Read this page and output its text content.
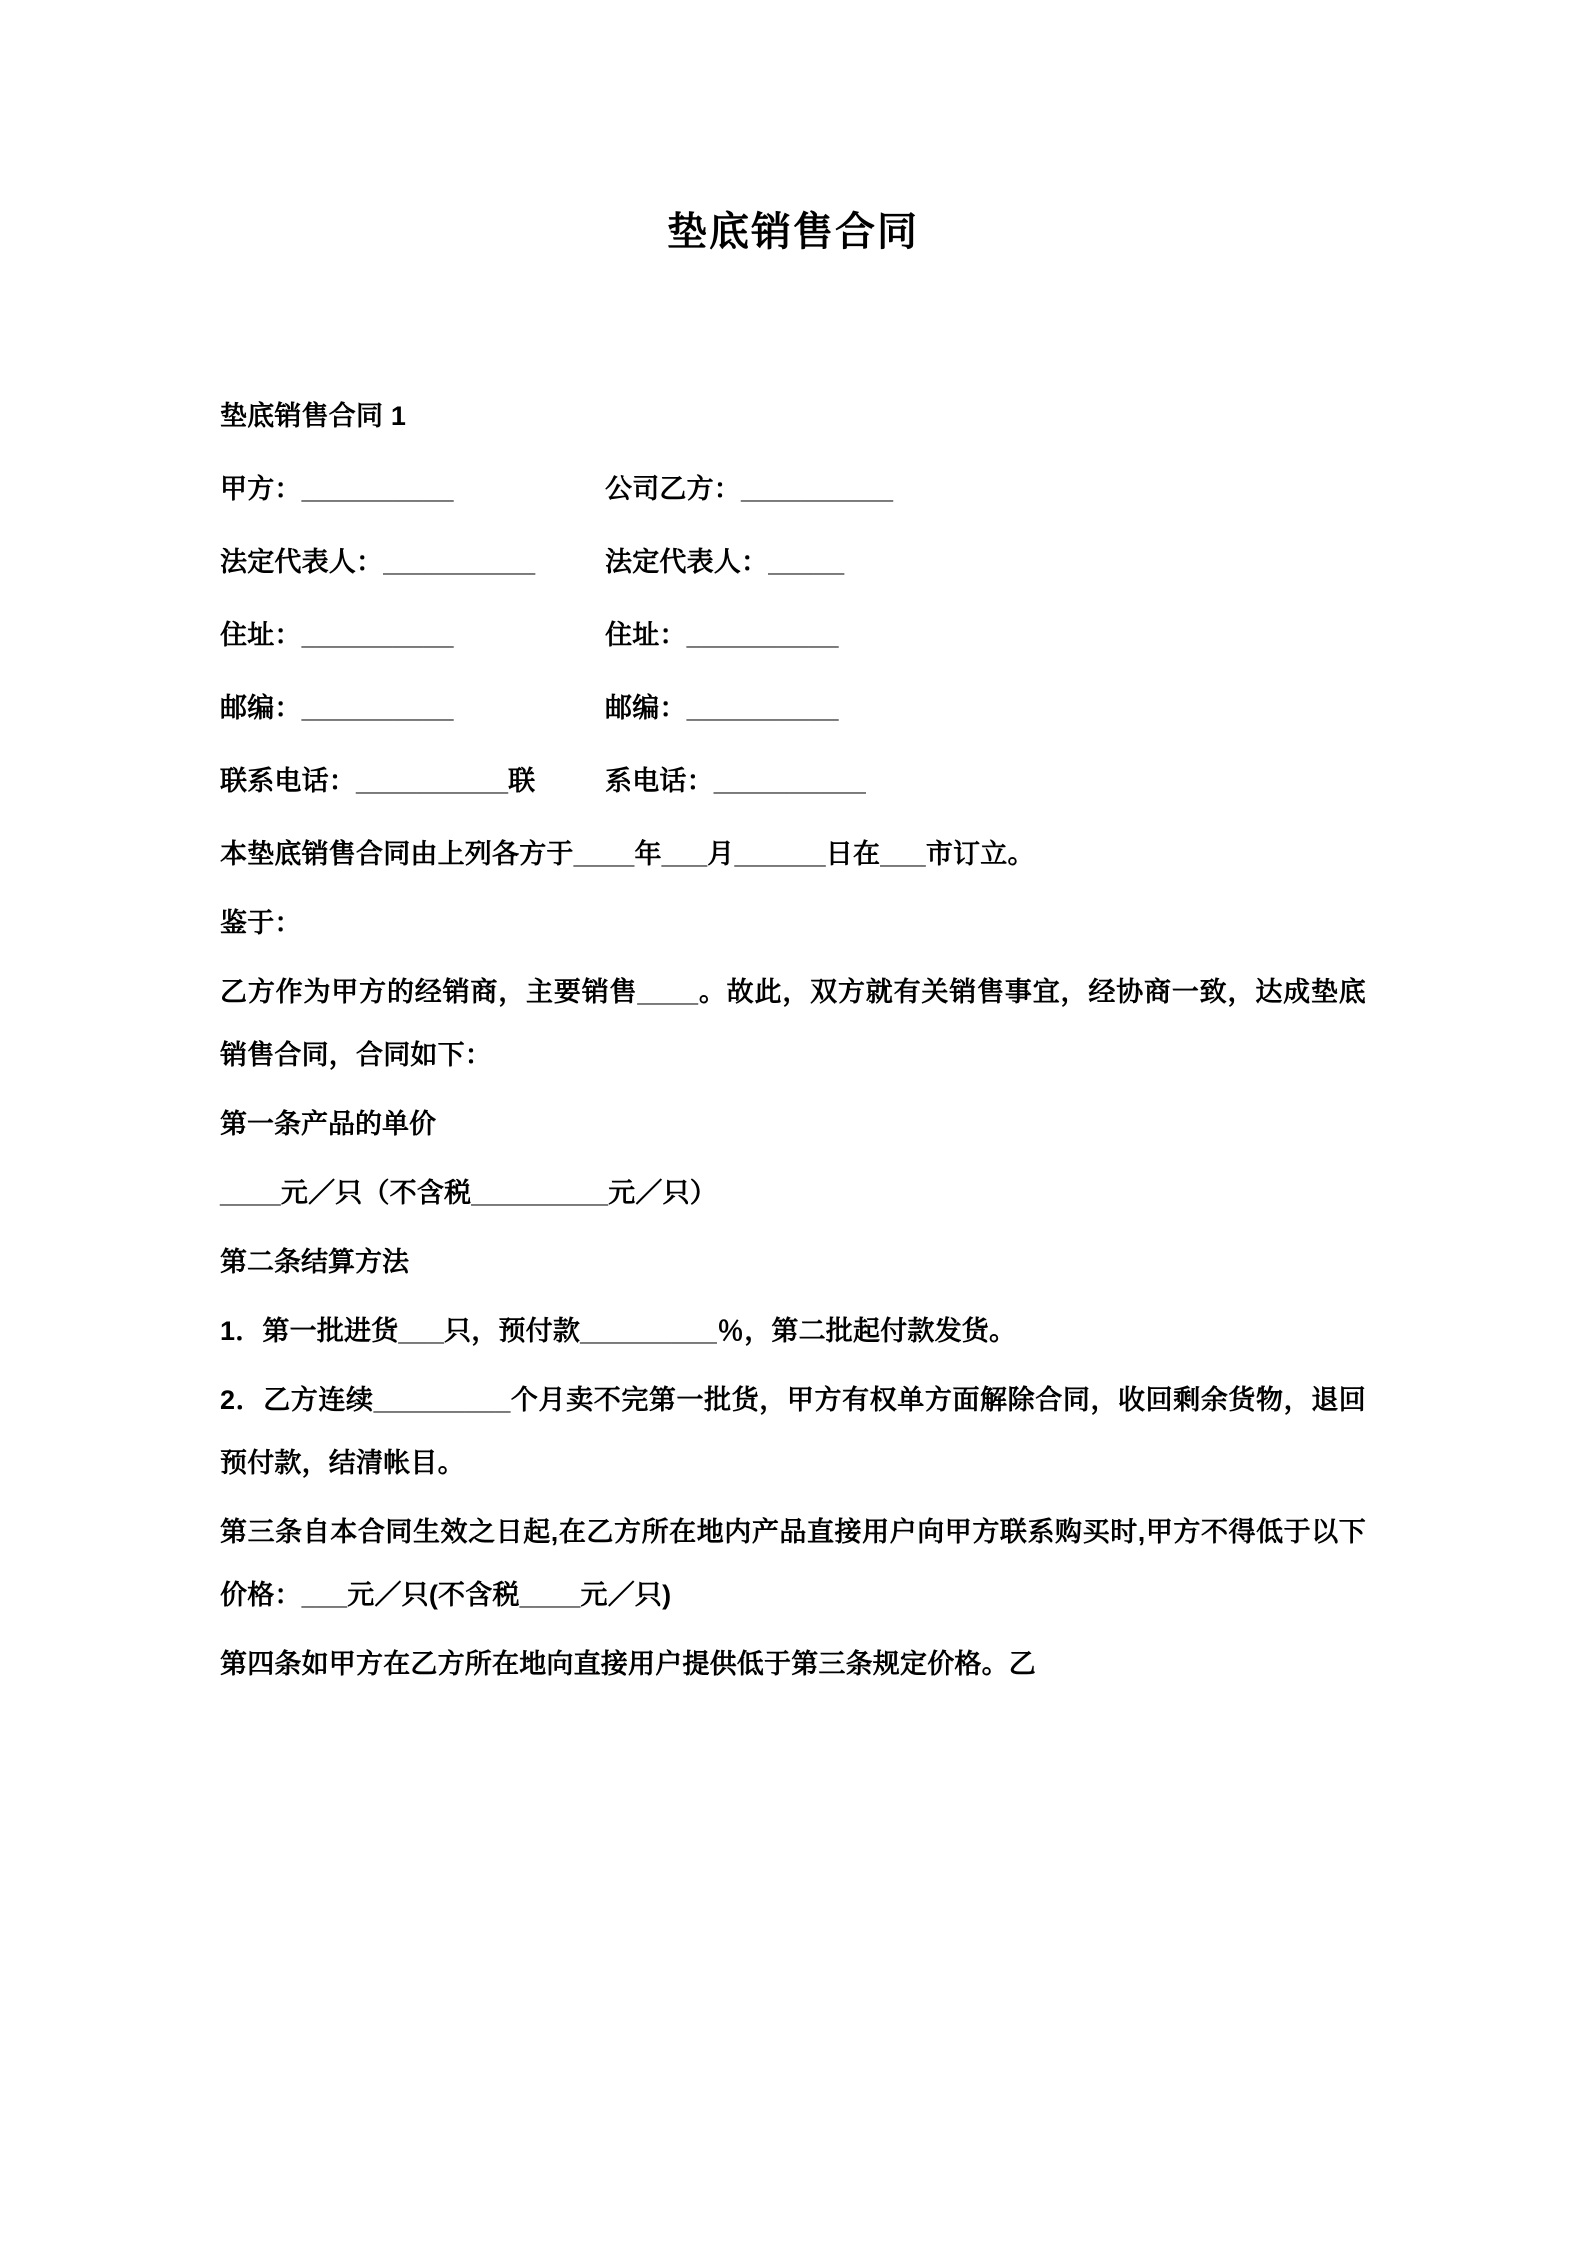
垫底销售合同

垫底销售合同 1

甲方：__________	公司乙方：__________

法定代表人：__________	法定代表人：_____

住址：__________	住址：__________

邮编：__________	邮编：__________

联系电话：__________联	系电话：__________

本垫底销售合同由上列各方于____年___月______日在___市订立。

鉴于：

乙方作为甲方的经销商，主要销售____。故此，双方就有关销售事宜，经协商一致，达成垫底销售合同，合同如下：

第一条产品的单价

____元／只（不含税_________元／只）

第二条结算方法

1．第一批进货___只，预付款_________％，第二批起付款发货。

2．乙方连续_________个月卖不完第一批货，甲方有权单方面解除合同，收回剩余货物，退回预付款，结清帐目。

第三条自本合同生效之日起,在乙方所在地内产品直接用户向甲方联系购买时,甲方不得低于以下价格：___元／只(不含税____元／只)

第四条如甲方在乙方所在地向直接用户提供低于第三条规定价格。乙
